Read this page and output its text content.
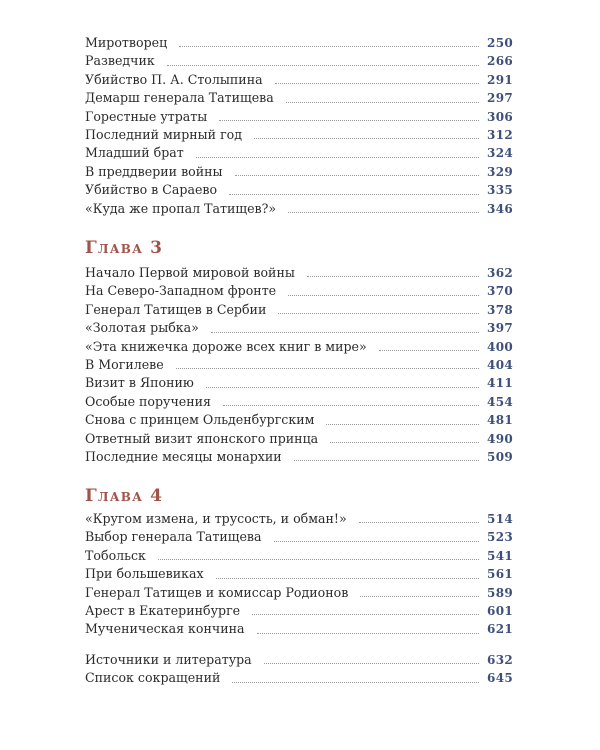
Миротворец	250
Разведчик	266
Убийство П. А. Столыпина	291
Демарш генерала Татищева	297
Горестные утраты	306
Последний мирный год	312
Младший брат	324
В преддверии войны	329
Убийство в Сараево	335
«Куда же пропал Татищев?»	346
Глава 3
Начало Первой мировой войны	362
На Северо-Западном фронте	370
Генерал Татищев в Сербии	378
«Золотая рыбка»	397
«Эта книжечка дороже всех книг в мире»	400
В Могилеве	404
Визит в Японию	411
Особые поручения	454
Снова с принцем Ольденбургским	481
Ответный визит японского принца	490
Последние месяцы монархии	509
Глава 4
«Кругом измена, и трусость, и обман!»	514
Выбор генерала Татищева	523
Тобольск	541
При большевиках	561
Генерал Татищев и комиссар Родионов	589
Арест в Екатеринбурге	601
Мученическая кончина	621
Источники и литература	632
Список сокращений	645
